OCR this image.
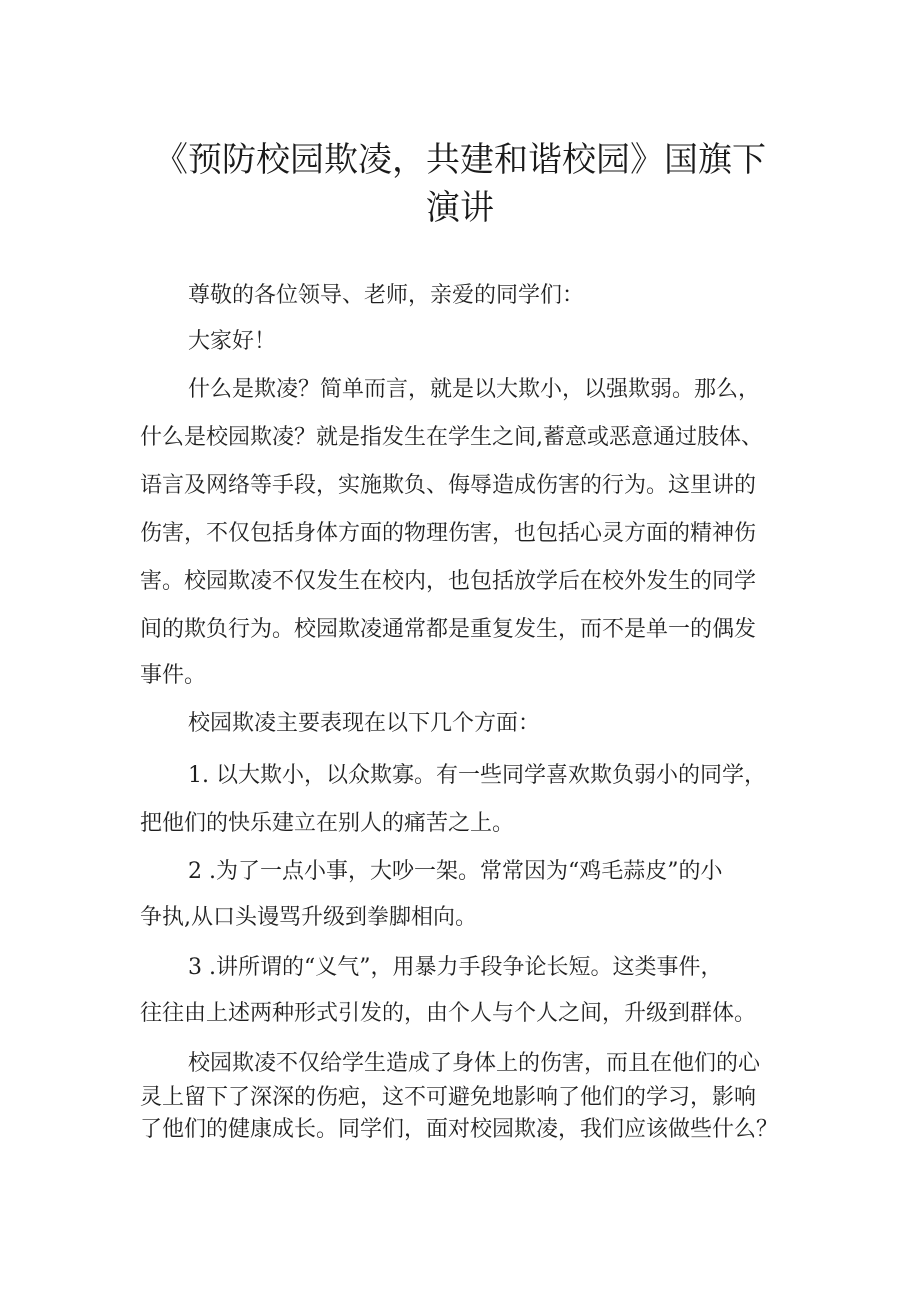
《预防校园欺凌，共建和谐校园》国旗下
演讲

尊敬的各位领导、老师，亲爱的同学们：

大家好！

什么是欺凌？简单而言，就是以大欺小，以强欺弱。那么，

什么是校园欺凌？就是指发生在学生之间,蓄意或恶意通过肢体、

语言及网络等手段，实施欺负、侮辱造成伤害的行为。这里讲的

伤害，不仅包括身体方面的物理伤害，也包括心灵方面的精神伤

害。校园欺凌不仅发生在校内，也包括放学后在校外发生的同学

间的欺负行为。校园欺凌通常都是重复发生，而不是单一的偶发

事件。

校园欺凌主要表现在以下几个方面：

1. 以大欺小，以众欺寡。有一些同学喜欢欺负弱小的同学，

把他们的快乐建立在别人的痛苦之上。

2 .为了一点小事，大吵一架。常常因为“鸡毛蒜皮”的小

争执,从口头谩骂升级到拳脚相向。

3 .讲所谓的“义气”，用暴力手段争论长短。这类事件，

往往由上述两种形式引发的，由个人与个人之间，升级到群体。

校园欺凌不仅给学生造成了身体上的伤害，而且在他们的心

灵上留下了深深的伤疤，这不可避免地影响了他们的学习，影响

了他们的健康成长。同学们，面对校园欺凌，我们应该做些什么？
